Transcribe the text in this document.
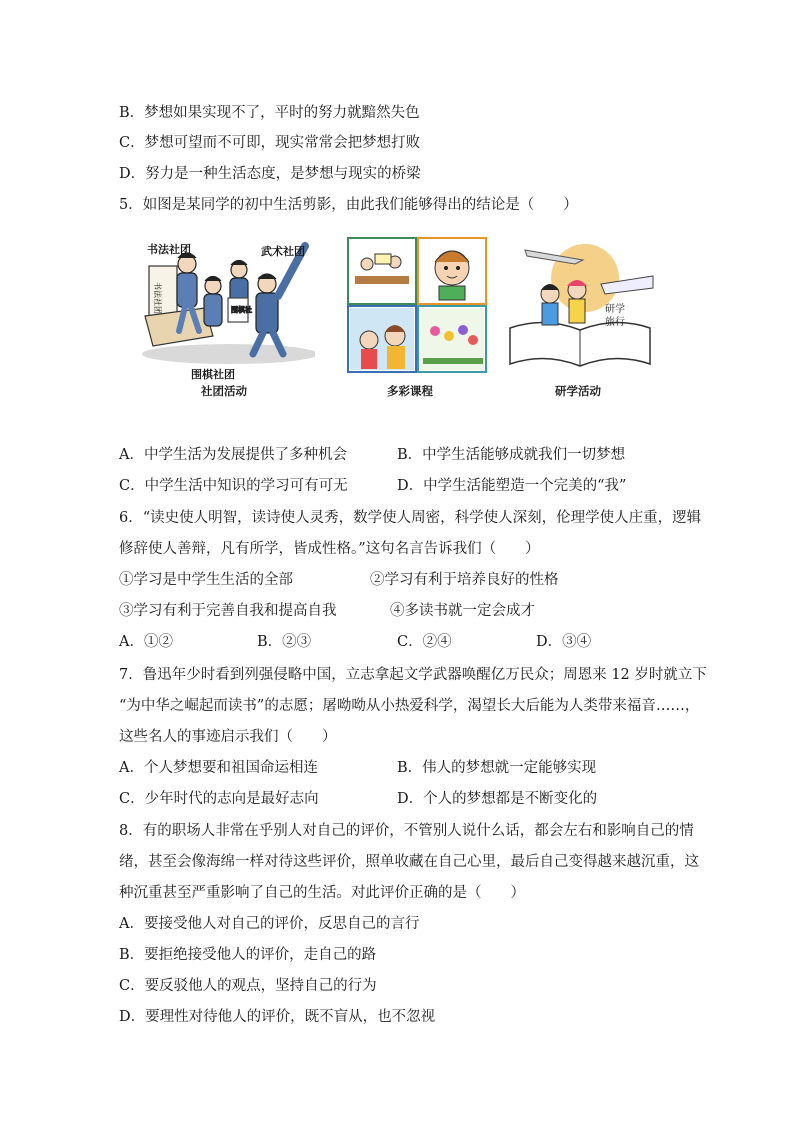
B．梦想如果实现不了，平时的努力就黯然失色
C．梦想可望而不可即，现实常常会把梦想打败
D．努力是一种生活态度，是梦想与现实的桥梁
5．如图是某同学的初中生活剪影，由此我们能够得出的结论是（　　）
书法社团	围棋社
书法社团	武术社团
围棋社团
社团活动	多彩课程
研学
旅行
研学活动
A．中学生活为发展提供了多种机会	B．中学生活能够成就我们一切梦想
C．中学生活中知识的学习可有可无	D．中学生活能塑造一个完美的“我”
6．“读史使人明智，读诗使人灵秀，数学使人周密，科学使人深刻，伦理学使人庄重，逻辑
修辞使人善辩，凡有所学，皆成性格。”这句名言告诉我们（　　）
①学习是中学生生活的全部	②学习有利于培养良好的性格
③学习有利于完善自我和提高自我	④多读书就一定会成才
A．①②	B．②③	C．②④	D．③④
7．鲁迅年少时看到列强侵略中国，立志拿起文学武器唤醒亿万民众；周恩来 12 岁时就立下
“为中华之崛起而读书”的志愿；屠呦呦从小热爱科学，渴望长大后能为人类带来福音……，
这些名人的事迹启示我们（　　）
A．个人梦想要和祖国命运相连	B．伟人的梦想就一定能够实现
C．少年时代的志向是最好志向	D．个人的梦想都是不断变化的
8．有的职场人非常在乎别人对自己的评价，不管别人说什么话，都会左右和影响自己的情
绪，甚至会像海绵一样对待这些评价，照单收藏在自己心里，最后自己变得越来越沉重，这
种沉重甚至严重影响了自己的生活。对此评价正确的是（　　）
A．要接受他人对自己的评价，反思自己的言行
B．要拒绝接受他人的评价，走自己的路
C．要反驳他人的观点，坚持自己的行为
D．要理性对待他人的评价，既不盲从，也不忽视
